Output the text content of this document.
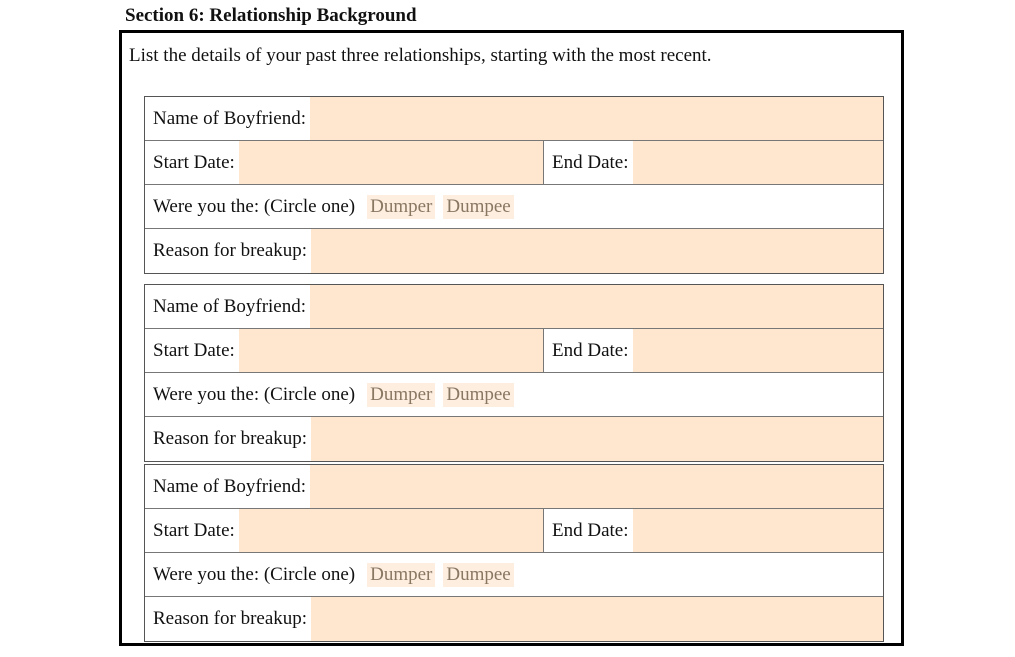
Section 6: Relationship Background
List the details of your past three relationships, starting with the most recent.
Name of Boyfriend:
Start Date:	End Date:
Were you the: (Circle one) Dumper Dumpee
Reason for breakup:
Name of Boyfriend:
Start Date:	End Date:
Were you the: (Circle one) Dumper Dumpee
Reason for breakup:
Name of Boyfriend:
Start Date:	End Date:
Were you the: (Circle one) Dumper Dumpee
Reason for breakup:
